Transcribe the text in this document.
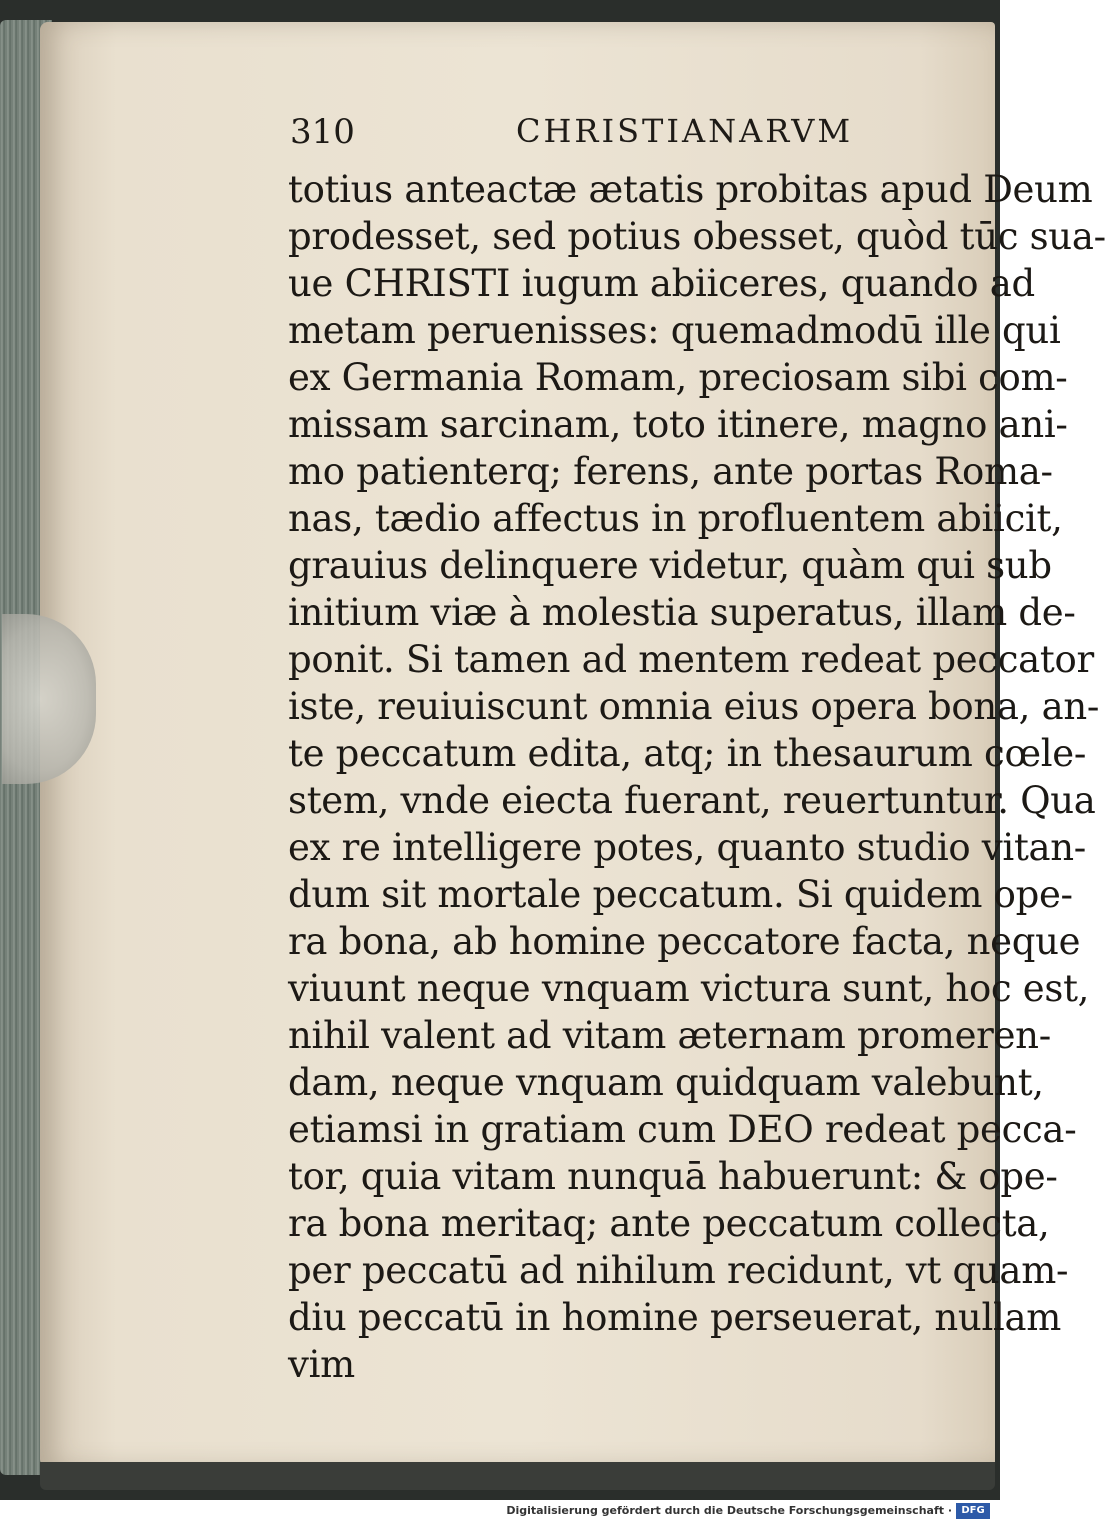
310	CHRISTIANARVM
totius anteactæ ætatis probitas apud Deum
prodesset, sed potius obesset, quòd tūc sua-
ue CHRISTI iugum abiiceres, quando ad
metam peruenisses: quemadmodū ille qui
ex Germania Romam, preciosam sibi com-
missam sarcinam, toto itinere, magno ani-
mo patienterq; ferens, ante portas Roma-
nas, tædio affectus in profluentem abiicit,
grauius delinquere videtur, quàm qui sub
initium viæ à molestia superatus, illam de-
ponit. Si tamen ad mentem redeat peccator
iste, reuiuiscunt omnia eius opera bona, an-
te peccatum edita, atq; in thesaurum cœle-
stem, vnde eiecta fuerant, reuertuntur. Qua
ex re intelligere potes, quanto studio vitan-
dum sit mortale peccatum. Si quidem ope-
ra bona, ab homine peccatore facta, neque
viuunt neque vnquam victura sunt, hoc est,
nihil valent ad vitam æternam promeren-
dam, neque vnquam quidquam valebunt,
etiamsi in gratiam cum DEO redeat pecca-
tor, quia vitam nunquā habuerunt: & ope-
ra bona meritaq; ante peccatum collecta,
per peccatū ad nihilum recidunt, vt quam-
diu peccatū in homine perseuerat, nullam
vim
Digitalisierung gefördert durch die Deutsche Forschungsgemeinschaft · DFG
